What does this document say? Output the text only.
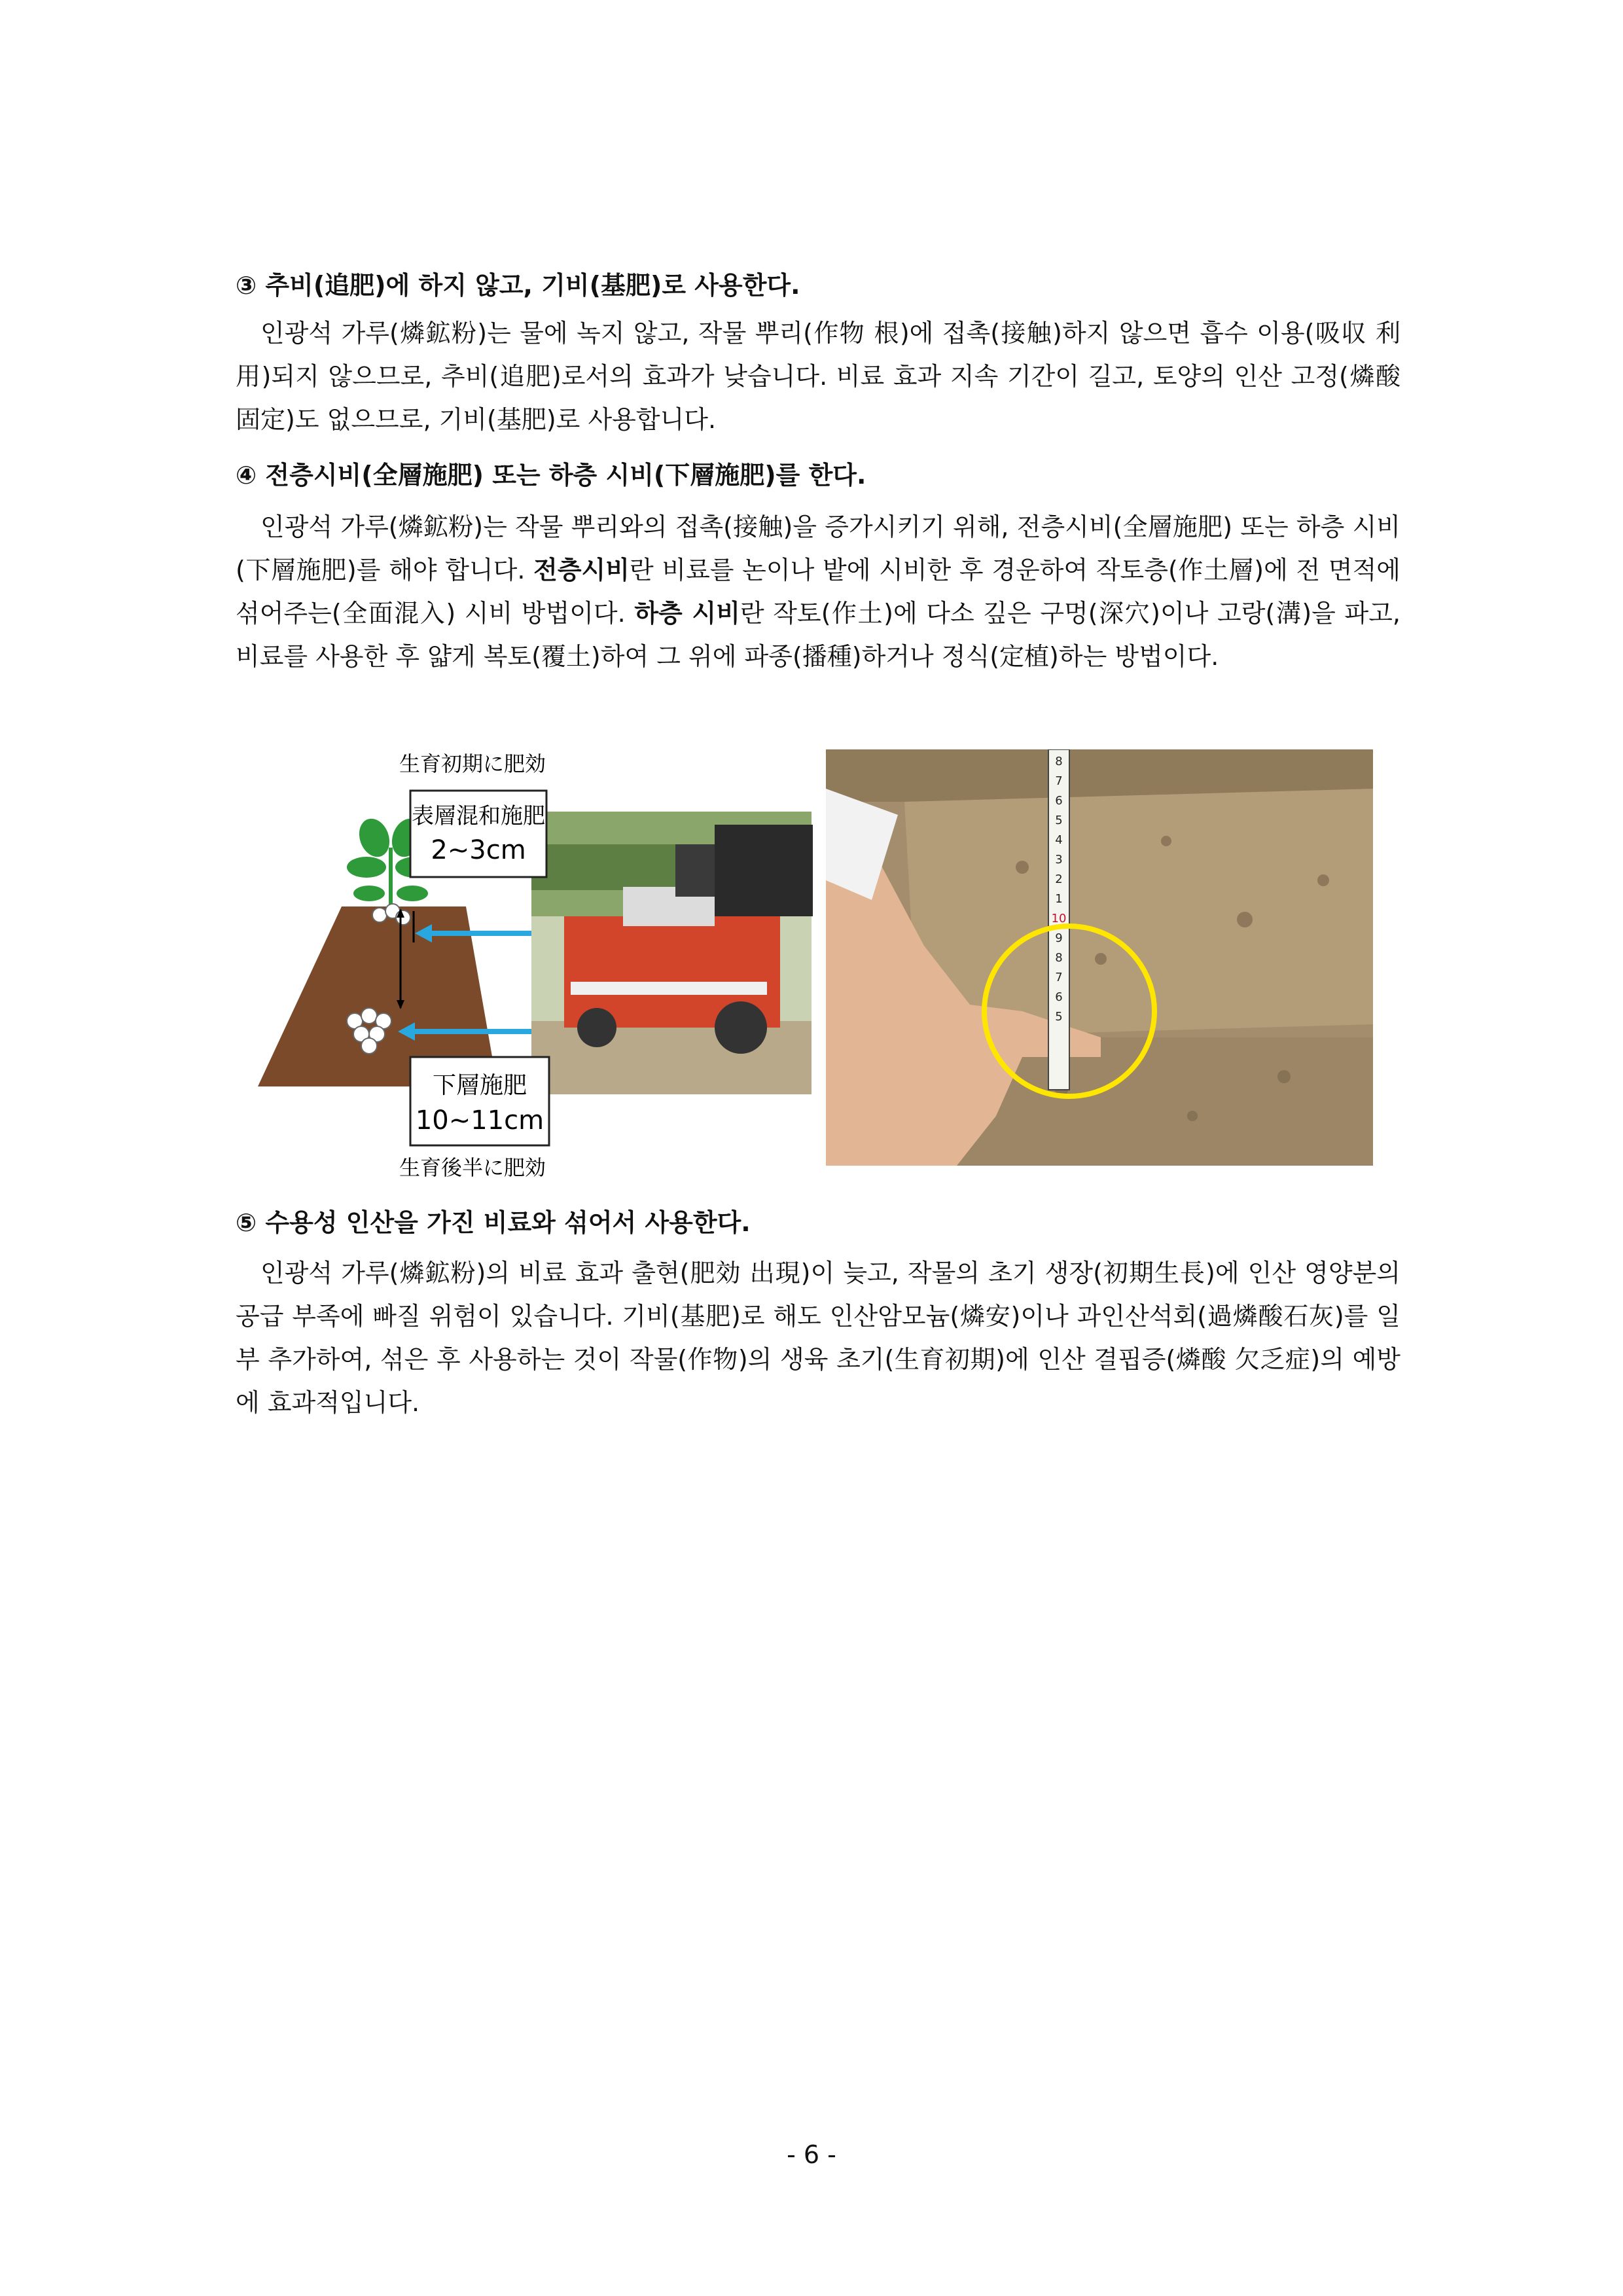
③ 추비(追肥)에 하지 않고, 기비(基肥)로 사용한다.
인광석 가루(燐鉱粉)는 물에 녹지 않고, 작물 뿌리(作物 根)에 접촉(接触)하지 않으면 흡수 이용(吸収 利用)되지 않으므로, 추비(追肥)로서의 효과가 낮습니다. 비료 효과 지속 기간이 길고, 토양의 인산 고정(燐酸固定)도 없으므로, 기비(基肥)로 사용합니다.
④ 전층시비(全層施肥) 또는 하층 시비(下層施肥)를 한다.
인광석 가루(燐鉱粉)는 작물 뿌리와의 접촉(接触)을 증가시키기 위해, 전층시비(全層施肥) 또는 하층 시비(下層施肥)를 해야 합니다. 전층시비란 비료를 논이나 밭에 시비한 후 경운하여 작토층(作土層)에 전 면적에 섞어주는(全面混入) 시비 방법이다. 하층 시비란 작토(作土)에 다소 깊은 구멍(深穴)이나 고랑(溝)을 파고, 비료를 사용한 후 얇게 복토(覆土)하여 그 위에 파종(播種)하거나 정식(定植)하는 방법이다.
生育初期に肥効
表層混和施肥
2~3cm
下層施肥
10~11cm
生育後半に肥効
8
7
6
5
4
3
2
1
10
9
8
7
6
5
⑤ 수용성 인산을 가진 비료와 섞어서 사용한다.
인광석 가루(燐鉱粉)의 비료 효과 출현(肥効 出現)이 늦고, 작물의 초기 생장(初期生長)에 인산 영양분의 공급 부족에 빠질 위험이 있습니다. 기비(基肥)로 해도 인산암모늄(燐安)이나 과인산석회(過燐酸石灰)를 일부 추가하여, 섞은 후 사용하는 것이 작물(作物)의 생육 초기(生育初期)에 인산 결핍증(燐酸 欠乏症)의 예방에 효과적입니다.
- 6 -
